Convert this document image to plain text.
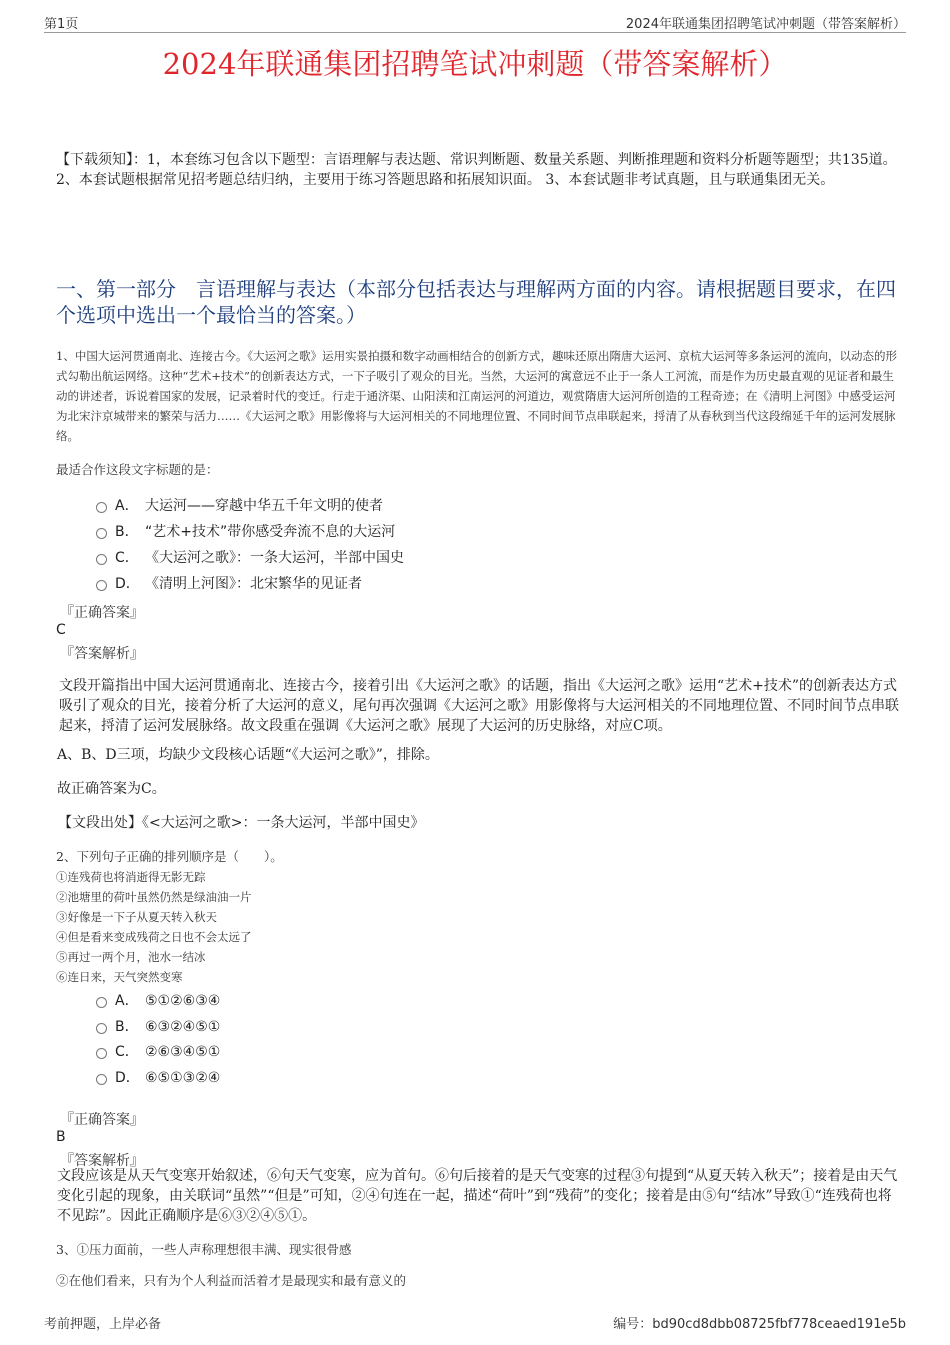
第1页	2024年联通集团招聘笔试冲刺题（带答案解析）
2024年联通集团招聘笔试冲刺题（带答案解析）
【下载须知】：1，本套练习包含以下题型：言语理解与表达题、常识判断题、数量关系题、判断推理题和资料分析题等题型；共135道。 2、本套试题根据常见招考题总结归纳，主要用于练习答题思路和拓展知识面。 3、本套试题非考试真题，且与联通集团无关。
一、第一部分　言语理解与表达（本部分包括表达与理解两方面的内容。请根据题目要求，在四个选项中选出一个最恰当的答案。）
1、中国大运河贯通南北、连接古今。《大运河之歌》运用实景拍摄和数字动画相结合的创新方式，趣味还原出隋唐大运河、京杭大运河等多条运河的流向，以动态的形式勾勒出航运网络。这种“艺术+技术”的创新表达方式，一下子吸引了观众的目光。当然，大运河的寓意远不止于一条人工河流，而是作为历史最直观的见证者和最生动的讲述者，诉说着国家的发展，记录着时代的变迁。行走于通济渠、山阳渎和江南运河的河道边，观赏隋唐大运河所创造的工程奇迹；在《清明上河图》中感受运河为北宋汴京城带来的繁荣与活力……《大运河之歌》用影像将与大运河相关的不同地理位置、不同时间节点串联起来，捋清了从春秋到当代这段绵延千年的运河发展脉络。
最适合作这段文字标题的是：
A． 大运河——穿越中华五千年文明的使者
B． “艺术+技术”带你感受奔流不息的大运河
C． 《大运河之歌》：一条大运河，半部中国史
D． 《清明上河图》：北宋繁华的见证者
『正确答案』
C
『答案解析』
文段开篇指出中国大运河贯通南北、连接古今，接着引出《大运河之歌》的话题，指出《大运河之歌》运用“艺术+技术”的创新表达方式吸引了观众的目光，接着分析了大运河的意义，尾句再次强调《大运河之歌》用影像将与大运河相关的不同地理位置、不同时间节点串联起来，捋清了运河发展脉络。故文段重在强调《大运河之歌》展现了大运河的历史脉络，对应C项。
A、B、D三项，均缺少文段核心话题“《大运河之歌》”，排除。
故正确答案为C。
【文段出处】《<大运河之歌>：一条大运河，半部中国史》
2、下列句子正确的排列顺序是（　　）。
①连残荷也将消逝得无影无踪
②池塘里的荷叶虽然仍然是绿油油一片
③好像是一下子从夏天转入秋天
④但是看来变成残荷之日也不会太远了
⑤再过一两个月，池水一结冰
⑥连日来，天气突然变寒
A． ⑤①②⑥③④
B． ⑥③②④⑤①
C． ②⑥③④⑤①
D． ⑥⑤①③②④
『正确答案』
B
『答案解析』
文段应该是从天气变寒开始叙述，⑥句天气变寒，应为首句。⑥句后接着的是天气变寒的过程③句提到“从夏天转入秋天”；接着是由天气变化引起的现象，由关联词“虽然”“但是”可知，②④句连在一起，描述“荷叶”到“残荷”的变化；接着是由⑤句“结冰”导致①“连残荷也将不见踪”。因此正确顺序是⑥③②④⑤①。
3、①压力面前，一些人声称理想很丰满、现实很骨感
②在他们看来，只有为个人利益而活着才是最现实和最有意义的
考前押题，上岸必备	编号：bd90cd8dbb08725fbf778ceaed191e5b
